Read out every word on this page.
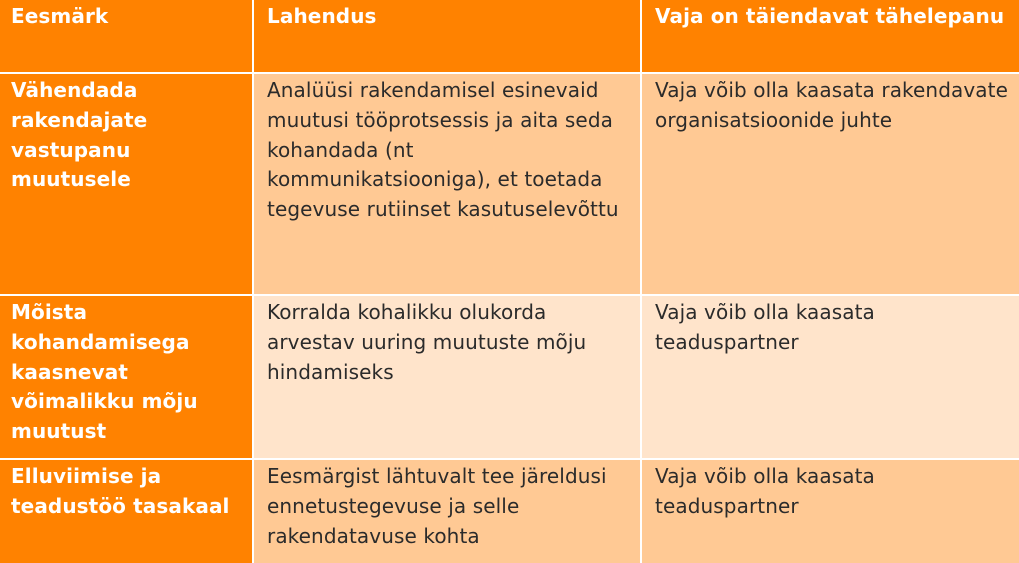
Eesmärk	Lahendus	Vaja on täiendavat tähelepanu
Vähendada rakendajate vastupanu muutusele
Analüüsi rakendamisel esinevaid muutusi tööprotsessis ja aita seda kohandada (nt kommunikatsiooniga), et toetada tegevuse rutiinset kasutuselevõttu
Vaja võib olla kaasata rakendavate organisatsioonide juhte
Mõista kohandamisega kaasnevat võimalikku mõju muutust
Korralda kohalikku olukorda arvestav uuring muutuste mõju hindamiseks
Vaja võib olla kaasata teaduspartner
Elluviimise ja teadustöö tasakaal
Eesmärgist lähtuvalt tee järeldusi ennetustegevuse ja selle rakendatavuse kohta
Vaja võib olla kaasata teaduspartner
